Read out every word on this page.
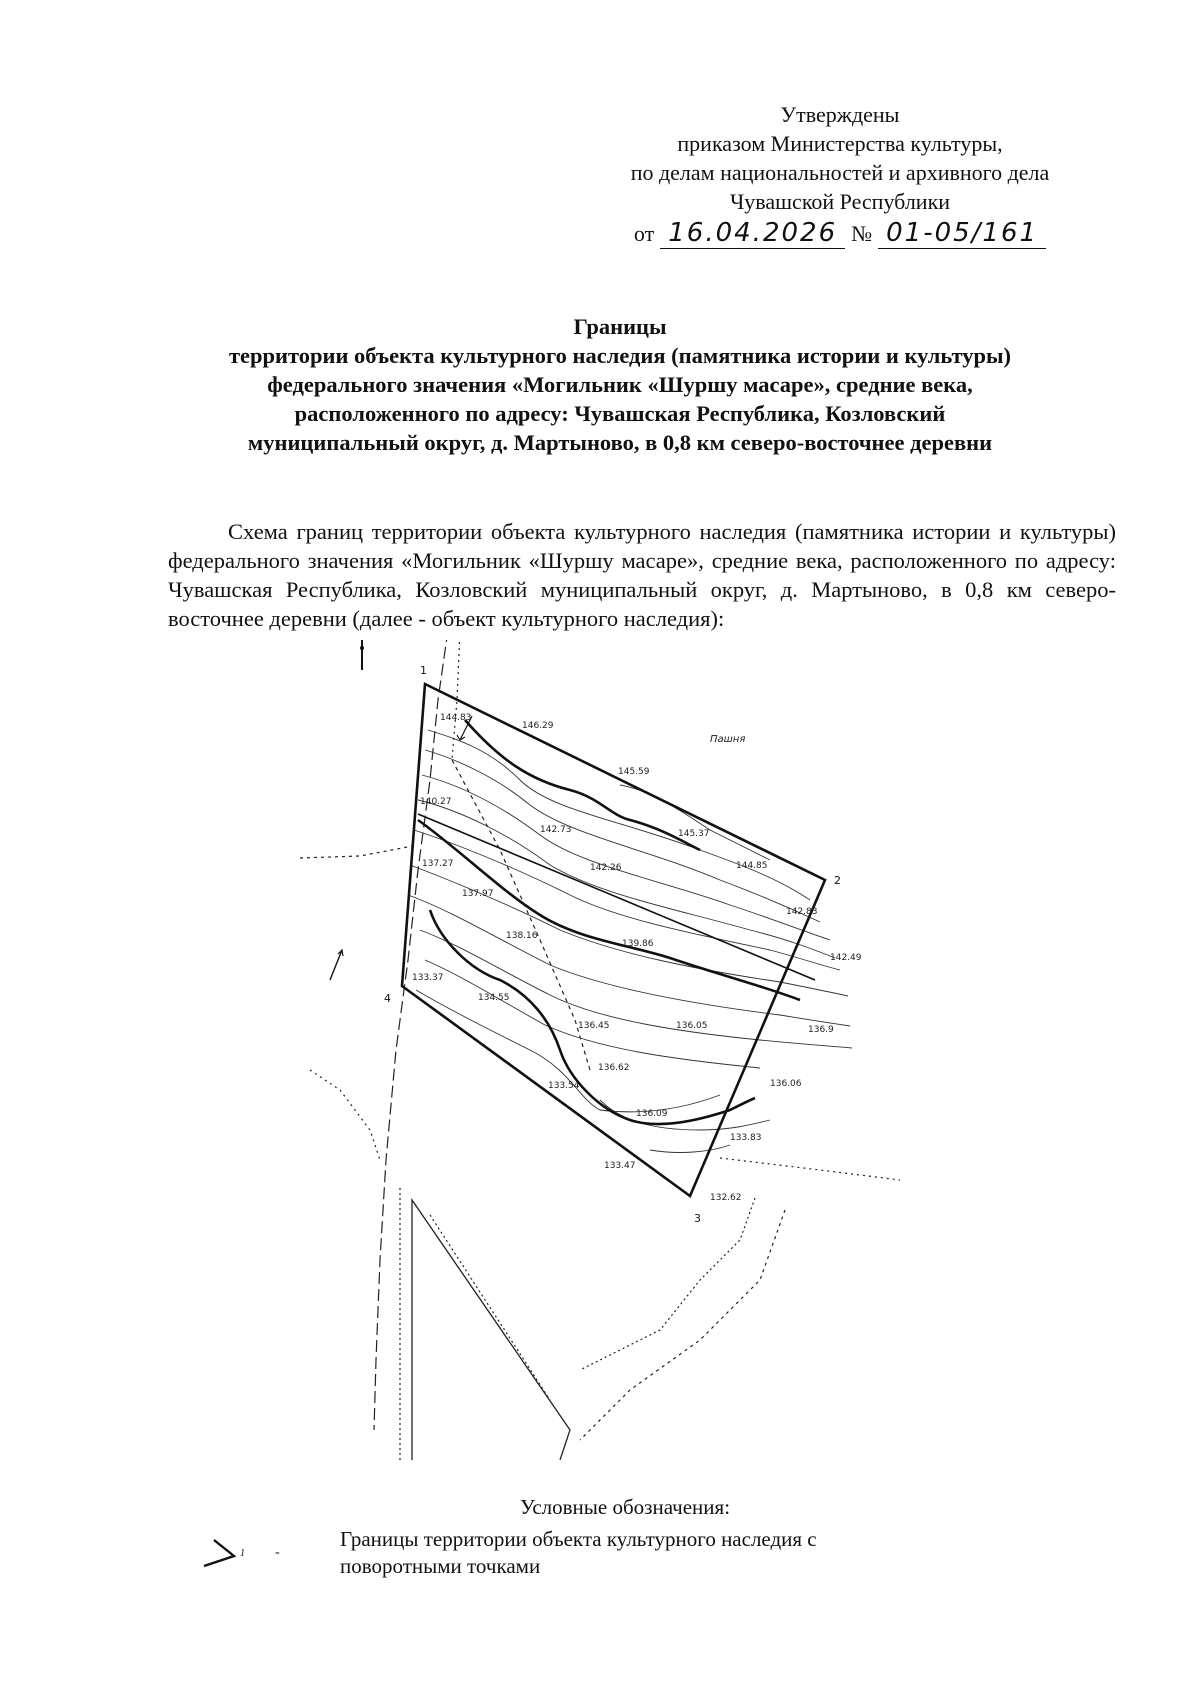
Утверждены
приказом Министерства культуры,
по делам национальностей и архивного дела
Чувашской Республики
от 16.04.2026 № 01-05/161
Границы
территории объекта культурного наследия (памятника истории и культуры)
федерального значения «Могильник «Шуршу масаре», средние века,
расположенного по адресу: Чувашская Республика, Козловский
муниципальный округ, д. Мартыново, в 0,8 км северо-восточнее деревни

Схема границ территории объекта культурного наследия (памятника истории и культуры) федерального значения «Могильник «Шуршу масаре», средние века, расположенного по адресу: Чувашская Республика, Козловский муниципальный округ, д. Мартыново, в 0,8 км северо-восточнее деревни (далее - объект культурного наследия):

1
2
3
4
Пашня
144.83
146.29
145.59
145.37
140.27
142.73
142.26	144.85
137.27
137.97
138.16
139.86
142.83
142.49
133.37
134.55
136.45	136.05	136.9
136.62
133.54	136.06
136.09
133.83
133.47
132.62
Условные обозначения:
1 -
Границы территории объекта культурного наследия с поворотными точками
